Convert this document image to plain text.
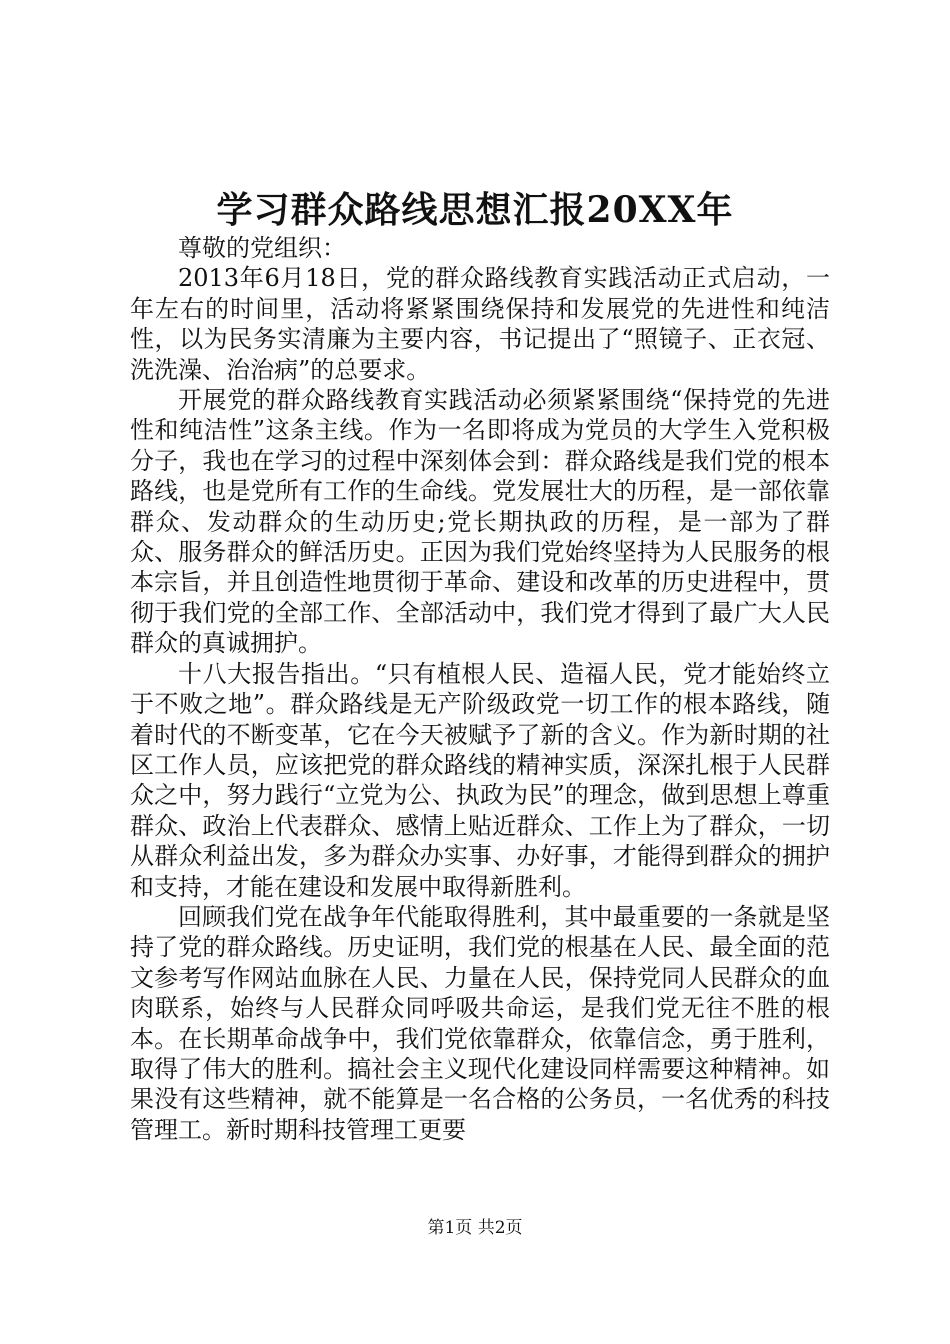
学习群众路线思想汇报20XX年

尊敬的党组织：

2013年6月18日，党的群众路线教育实践活动正式启动，一年左右的时间里，活动将紧紧围绕保持和发展党的先进性和纯洁性，以为民务实清廉为主要内容，书记提出了“照镜子、正衣冠、洗洗澡、治治病”的总要求。

开展党的群众路线教育实践活动必须紧紧围绕“保持党的先进性和纯洁性”这条主线。作为一名即将成为党员的大学生入党积极分子，我也在学习的过程中深刻体会到：群众路线是我们党的根本路线，也是党所有工作的生命线。党发展壮大的历程，是一部依靠群众、发动群众的生动历史;党长期执政的历程，是一部为了群众、服务群众的鲜活历史。正因为我们党始终坚持为人民服务的根本宗旨，并且创造性地贯彻于革命、建设和改革的历史进程中，贯彻于我们党的全部工作、全部活动中，我们党才得到了最广大人民群众的真诚拥护。

十八大报告指出。“只有植根人民、造福人民，党才能始终立于不败之地”。群众路线是无产阶级政党一切工作的根本路线，随着时代的不断变革，它在今天被赋予了新的含义。作为新时期的社区工作人员，应该把党的群众路线的精神实质，深深扎根于人民群众之中，努力践行“立党为公、执政为民”的理念，做到思想上尊重群众、政治上代表群众、感情上贴近群众、工作上为了群众，一切从群众利益出发，多为群众办实事、办好事，才能得到群众的拥护和支持，才能在建设和发展中取得新胜利。

回顾我们党在战争年代能取得胜利，其中最重要的一条就是坚持了党的群众路线。历史证明，我们党的根基在人民、最全面的范文参考写作网站血脉在人民、力量在人民，保持党同人民群众的血肉联系，始终与人民群众同呼吸共命运，是我们党无往不胜的根本。在长期革命战争中，我们党依靠群众，依靠信念，勇于胜利，取得了伟大的胜利。搞社会主义现代化建设同样需要这种精神。如果没有这些精神，就不能算是一名合格的公务员，一名优秀的科技管理工。新时期科技管理工更要

第1页 共2页
